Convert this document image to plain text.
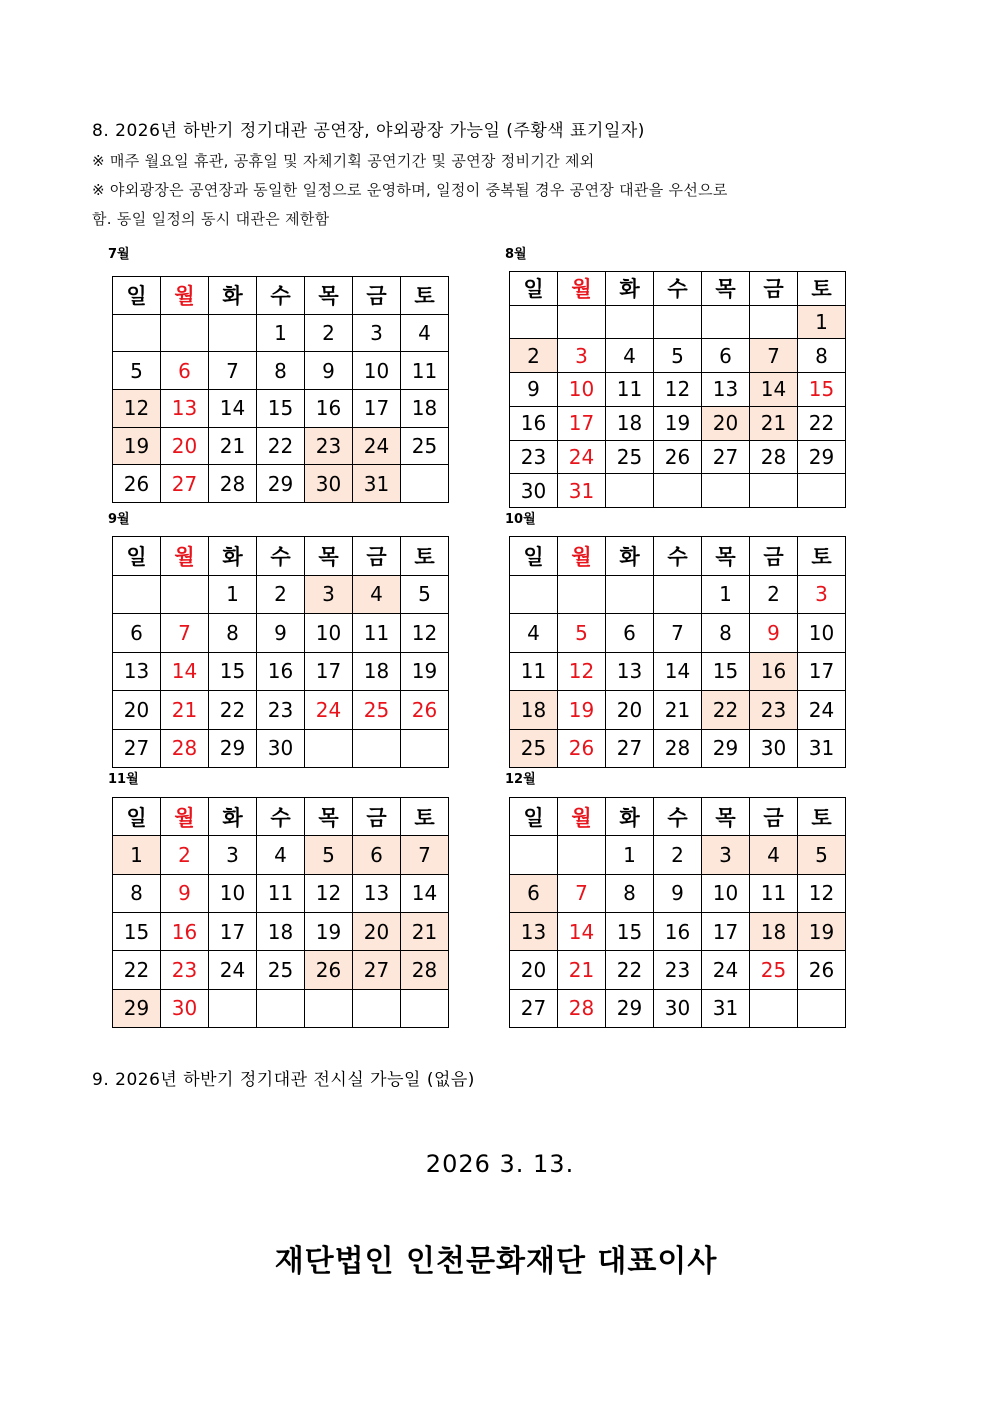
8. 2026년 하반기 정기대관 공연장, 야외광장 가능일 (주황색 표기일자)
※ 매주 월요일 휴관, 공휴일 및 자체기획 공연기간 및 공연장 정비기간 제외
※ 야외광장은 공연장과 동일한 일정으로 운영하며, 일정이 중복될 경우 공연장 대관을 우선으로
함. 동일 일정의 동시 대관은 제한함
7월	8월
9월	10월
11월	12월
일	월	화	수	목	금	토
			1	2	3	4
5	6	7	8	9	10	11
12	13	14	15	16	17	18
19	20	21	22	23	24	25
26	27	28	29	30	31	
일	월	화	수	목	금	토
						1
2	3	4	5	6	7	8
9	10	11	12	13	14	15
16	17	18	19	20	21	22
23	24	25	26	27	28	29
30	31					
일	월	화	수	목	금	토
		1	2	3	4	5
6	7	8	9	10	11	12
13	14	15	16	17	18	19
20	21	22	23	24	25	26
27	28	29	30			
일	월	화	수	목	금	토
				1	2	3
4	5	6	7	8	9	10
11	12	13	14	15	16	17
18	19	20	21	22	23	24
25	26	27	28	29	30	31
일	월	화	수	목	금	토
1	2	3	4	5	6	7
8	9	10	11	12	13	14
15	16	17	18	19	20	21
22	23	24	25	26	27	28
29	30					
일	월	화	수	목	금	토
		1	2	3	4	5
6	7	8	9	10	11	12
13	14	15	16	17	18	19
20	21	22	23	24	25	26
27	28	29	30	31		
9. 2026년 하반기 정기대관 전시실 가능일 (없음)
2026 3. 13.
재단법인 인천문화재단 대표이사
